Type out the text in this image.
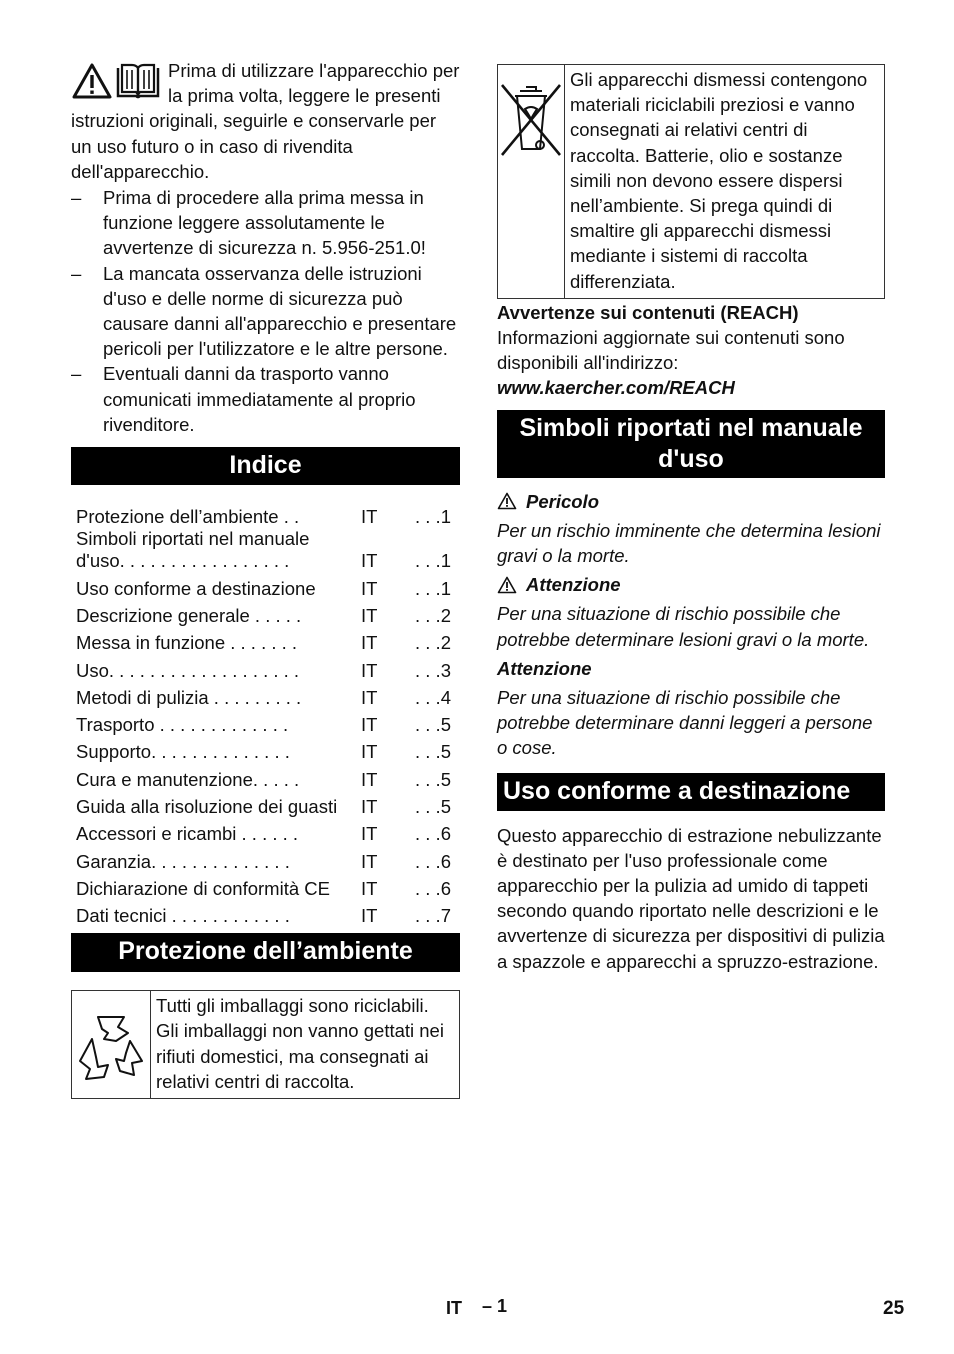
Prima di utilizzare l'apparecchio per la prima volta, leggere le presenti istruzioni originali, seguirle e conservarle per un uso futuro o in caso di rivendita dell'apparecchio.

– Prima di procedere alla prima messa in funzione leggere assolutamente le avvertenze di sicurezza n. 5.956-251.0!
– La mancata osservanza delle istruzioni d'uso e delle norme di sicurezza può causare danni all'apparecchio e presentare pericoli per l'utilizzatore e le altre persone.
– Eventuali danni da trasporto vanno comunicati immediatamente al proprio rivenditore.
Indice
Protezione dell’ambiente . .	IT	. . .1
Simboli riportati nel manuale d'uso. . . . . . . . . . . . . . . . .	IT	. . .1
Uso conforme a destinazione	IT	. . .1
Descrizione generale . . . . .	IT	. . .2
Messa in funzione . . . . . . .	IT	. . .2
Uso. . . . . . . . . . . . . . . . . . .	IT	. . .3
Metodi di pulizia . . . . . . . . .	IT	. . .4
Trasporto . . . . . . . . . . . . .	IT	. . .5
Supporto. . . . . . . . . . . . . .	IT	. . .5
Cura e manutenzione. . . . .	IT	. . .5
Guida alla risoluzione dei guasti	IT	. . .5
Accessori e ricambi . . . . . .	IT	. . .6
Garanzia. . . . . . . . . . . . . .	IT	. . .6
Dichiarazione di conformità CE	IT	. . .6
Dati tecnici . . . . . . . . . . . .	IT	. . .7
Protezione dell’ambiente
Tutti gli imballaggi sono riciclabili. Gli imballaggi non vanno gettati nei rifiuti domestici, ma consegnati ai relativi centri di raccolta.
Gli apparecchi dismessi contengono materiali riciclabili preziosi e vanno consegnati ai relativi centri di raccolta. Batterie, olio e sostanze simili non devono essere dispersi nell’ambiente. Si prega quindi di smaltire gli apparecchi dismessi mediante i sistemi di raccolta differenziata.
Avvertenze sui contenuti (REACH)

Informazioni aggiornate sui contenuti sono disponibili all'indirizzo:

www.kaercher.com/REACH
Simboli riportati nel manuale d'uso
Pericolo
Per un rischio imminente che determina lesioni gravi o la morte.
Attenzione
Per una situazione di rischio possibile che potrebbe determinare lesioni gravi o la morte.
Attenzione
Per una situazione di rischio possibile che potrebbe determinare danni leggeri a persone o cose.
Uso conforme a destinazione

Questo apparecchio di estrazione nebulizzante è destinato per l'uso professionale come apparecchio per la pulizia ad umido di tappeti secondo quando riportato nelle descrizioni e le avvertenze di sicurezza per dispositivi di pulizia a spazzole e apparecchi a spruzzo-estrazione.

IT – 1	25
